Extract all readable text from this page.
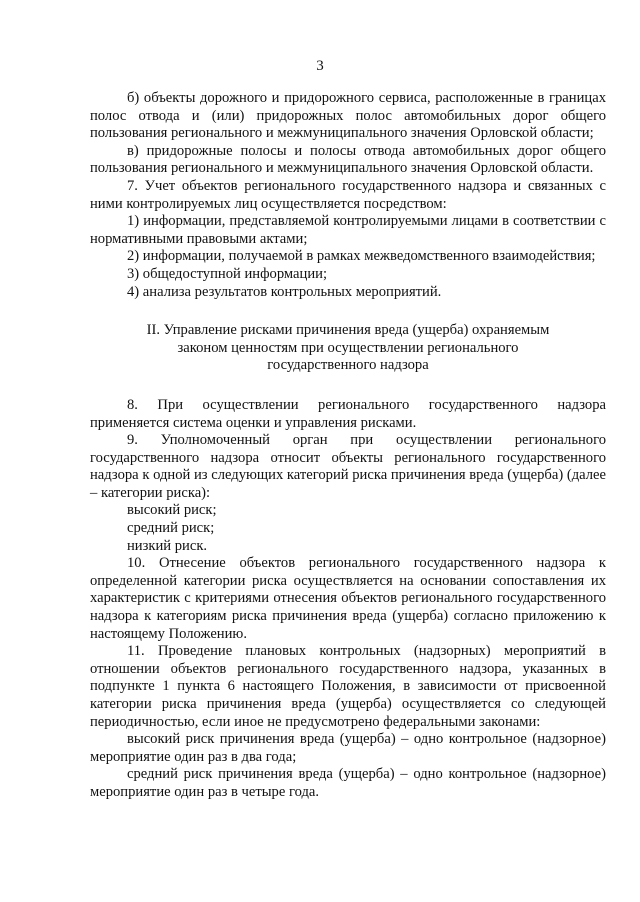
3

б) объекты дорожного и придорожного сервиса, расположенные в границах полос отвода и (или) придорожных полос автомобильных дорог общего пользования регионального и межмуниципального значения Орловской области;

в) придорожные полосы и полосы отвода автомобильных дорог общего пользования регионального и межмуниципального значения Орловской области.

7. Учет объектов регионального государственного надзора и связанных с ними контролируемых лиц осуществляется посредством:

1) информации, представляемой контролируемыми лицами в соответствии с нормативными правовыми актами;

2) информации, получаемой в рамках межведомственного взаимодействия;

3) общедоступной информации;

4) анализа результатов контрольных мероприятий.

II. Управление рисками причинения вреда (ущерба) охраняемым
законом ценностям при осуществлении регионального
государственного надзора

8. При осуществлении регионального государственного надзора применяется система оценки и управления рисками.

9. Уполномоченный орган при осуществлении регионального государственного надзора относит объекты регионального государственного надзора к одной из следующих категорий риска причинения вреда (ущерба) (далее – категории риска):

высокий риск;

средний риск;

низкий риск.

10. Отнесение объектов регионального государственного надзора к определенной категории риска осуществляется на основании сопоставления их характеристик с критериями отнесения объектов регионального государственного надзора к категориям риска причинения вреда (ущерба) согласно приложению к настоящему Положению.

11. Проведение плановых контрольных (надзорных) мероприятий в отношении объектов регионального государственного надзора, указанных в подпункте 1 пункта 6 настоящего Положения, в зависимости от присвоенной категории риска причинения вреда (ущерба) осуществляется со следующей периодичностью, если иное не предусмотрено федеральными законами:

высокий риск причинения вреда (ущерба) – одно контрольное (надзорное) мероприятие один раз в два года;

средний риск причинения вреда (ущерба) – одно контрольное (надзорное) мероприятие один раз в четыре года.
